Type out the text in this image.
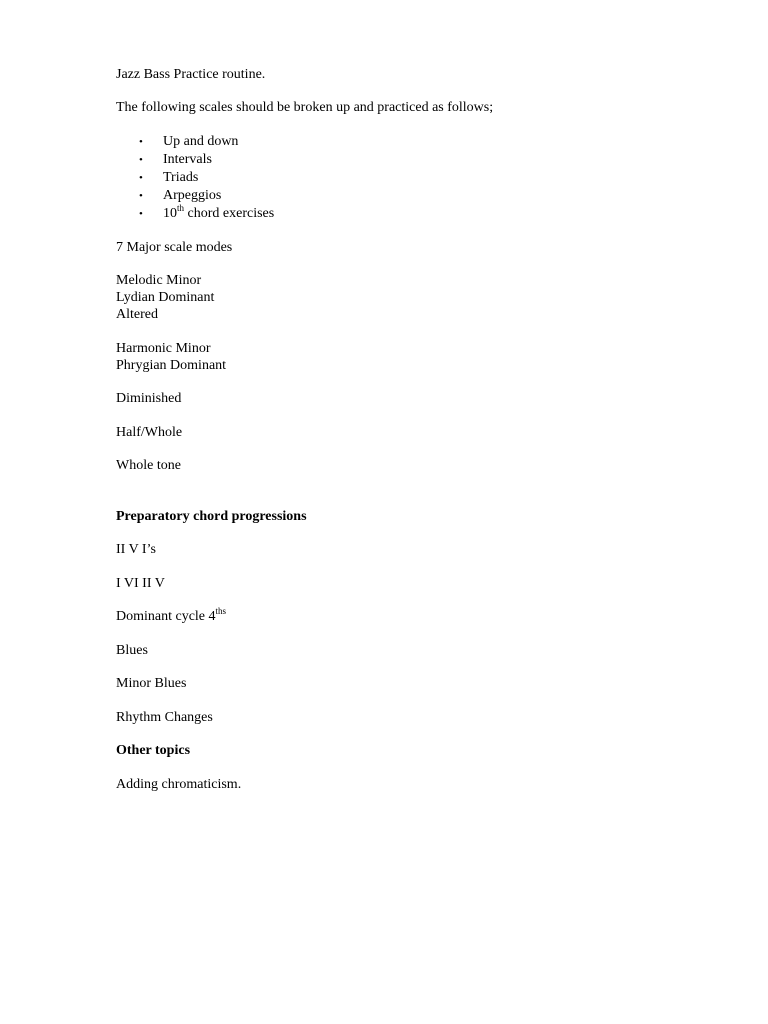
Jazz Bass Practice routine.
The following scales should be broken up and practiced as follows;
• Up and down
• Intervals
• Triads
• Arpeggios
• 10th chord exercises
7 Major scale modes
Melodic Minor
Lydian Dominant
Altered
Harmonic Minor
Phrygian Dominant
Diminished
Half/Whole
Whole tone
Preparatory chord progressions
II V I’s
I VI II V
Dominant cycle $4^{ths}$
Blues
Minor Blues
Rhythm Changes
Other topics
Adding chromaticism.
